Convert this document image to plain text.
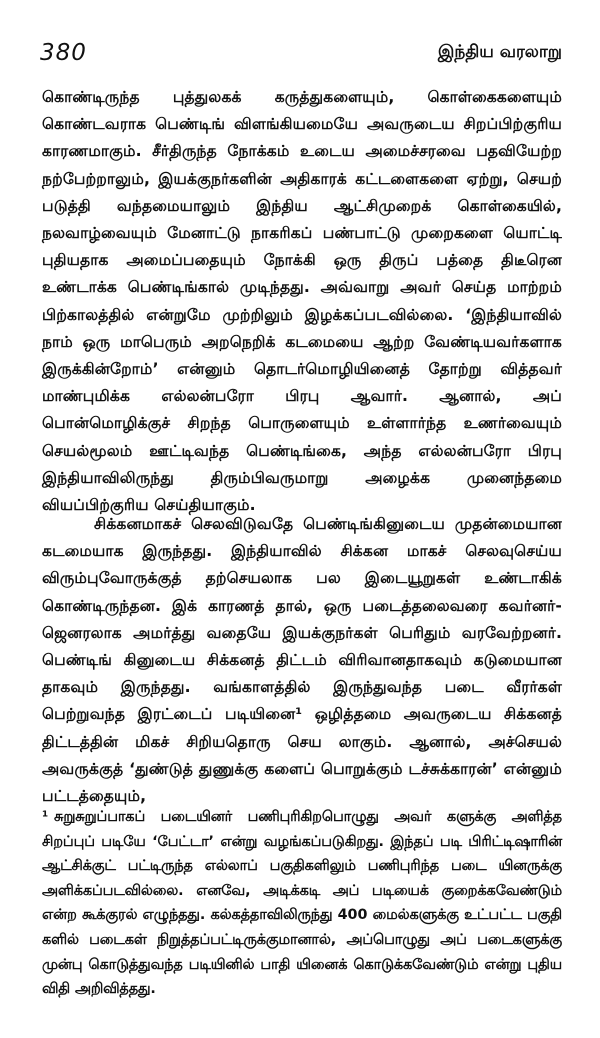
380	இந்திய வரலாறு

கொண்டிருந்த புத்துலகக் கருத்துகளையும், கொள்கைகளையும் கொண்டவராக பெண்டிங் விளங்கியமையே அவருடைய சிறப்பிற்குரிய காரணமாகும். சீர்திருந்த நோக்கம் உடைய அமைச்சரவை பதவியேற்ற நற்பேற்றாலும், இயக்குநர்களின் அதிகாரக் கட்டளைகளை ஏற்று, செயற் படுத்தி வந்தமையாலும் இந்திய ஆட்சிமுறைக் கொள்கையில், நலவாழ்வையும் மேனாட்டு நாகரிகப் பண்பாட்டு முறைகளை யொட்டி புதியதாக அமைப்பதையும் நோக்கி ஒரு திருப் பத்தை திடீரென உண்டாக்க பெண்டிங்கால் முடிந்தது. அவ்வாறு அவர் செய்த மாற்றம் பிற்காலத்தில் என்றுமே முற்றிலும் இழக்கப்படவில்லை. ‘இந்தியாவில் நாம் ஒரு மாபெரும் அறநெறிக் கடமையை ஆற்ற வேண்டியவர்களாக இருக்கின்றோம்’ என்னும் தொடர்மொழியினைத் தோற்று வித்தவர் மாண்புமிக்க எல்லன்பரோ பிரபு ஆவார். ஆனால், அப் பொன்மொழிக்குச் சிறந்த பொருளையும் உள்ளார்ந்த உணர்வையும் செயல்மூலம் ஊட்டிவந்த பெண்டிங்கை, அந்த எல்லன்பரோ பிரபு இந்தியாவிலிருந்து திரும்பிவருமாறு அழைக்க முனைந்தமை வியப்பிற்குரிய செய்தியாகும்.

சிக்கனமாகச் செலவிடுவதே பெண்டிங்கினுடைய முதன்மையான கடமையாக இருந்தது. இந்தியாவில் சிக்கன மாகச் செலவுசெய்ய விரும்புவோருக்குத் தற்செயலாக பல இடையூறுகள் உண்டாகிக் கொண்டிருந்தன. இக் காரணத் தால், ஒரு படைத்தலைவரை கவர்னர்-ஜெனரலாக அமர்த்து வதையே இயக்குநர்கள் பெரிதும் வரவேற்றனர். பெண்டிங் கினுடைய சிக்கனத் திட்டம் விரிவானதாகவும் கடுமையான தாகவும் இருந்தது. வங்காளத்தில் இருந்துவந்த படை வீரர்கள் பெற்றுவந்த இரட்டைப் படியினை¹ ஒழித்தமை அவருடைய சிக்கனத் திட்டத்தின் மிகச் சிறியதொரு செய லாகும். ஆனால், அச்செயல் அவருக்குத் ‘துண்டுத் துணுக்கு களைப் பொறுக்கும் டச்சுக்காரன்’ என்னும் பட்டத்தையும்,

¹ சுறுசுறுப்பாகப் படையினர் பணிபுரிகிறபொழுது அவர் களுக்கு அளித்த சிறப்புப் படியே ‘பேட்டா’ என்று வழங்கப்படுகிறது. இந்தப் படி பிரிட்டிஷாரின் ஆட்சிக்குட் பட்டிருந்த எல்லாப் பகுதிகளிலும் பணிபுரிந்த படை யினருக்கு அளிக்கப்படவில்லை. எனவே, அடிக்கடி அப் படியைக் குறைக்கவேண்டும் என்ற கூக்குரல் எழுந்தது. கல்கத்தாவிலிருந்து 400 மைல்களுக்கு உட்பட்ட பகுதி களில் படைகள் நிறுத்தப்பட்டிருக்குமானால், அப்பொழுது அப் படைகளுக்கு முன்பு கொடுத்துவந்த படியினில் பாதி யினைக் கொடுக்கவேண்டும் என்று புதிய விதி அறிவித்தது.
